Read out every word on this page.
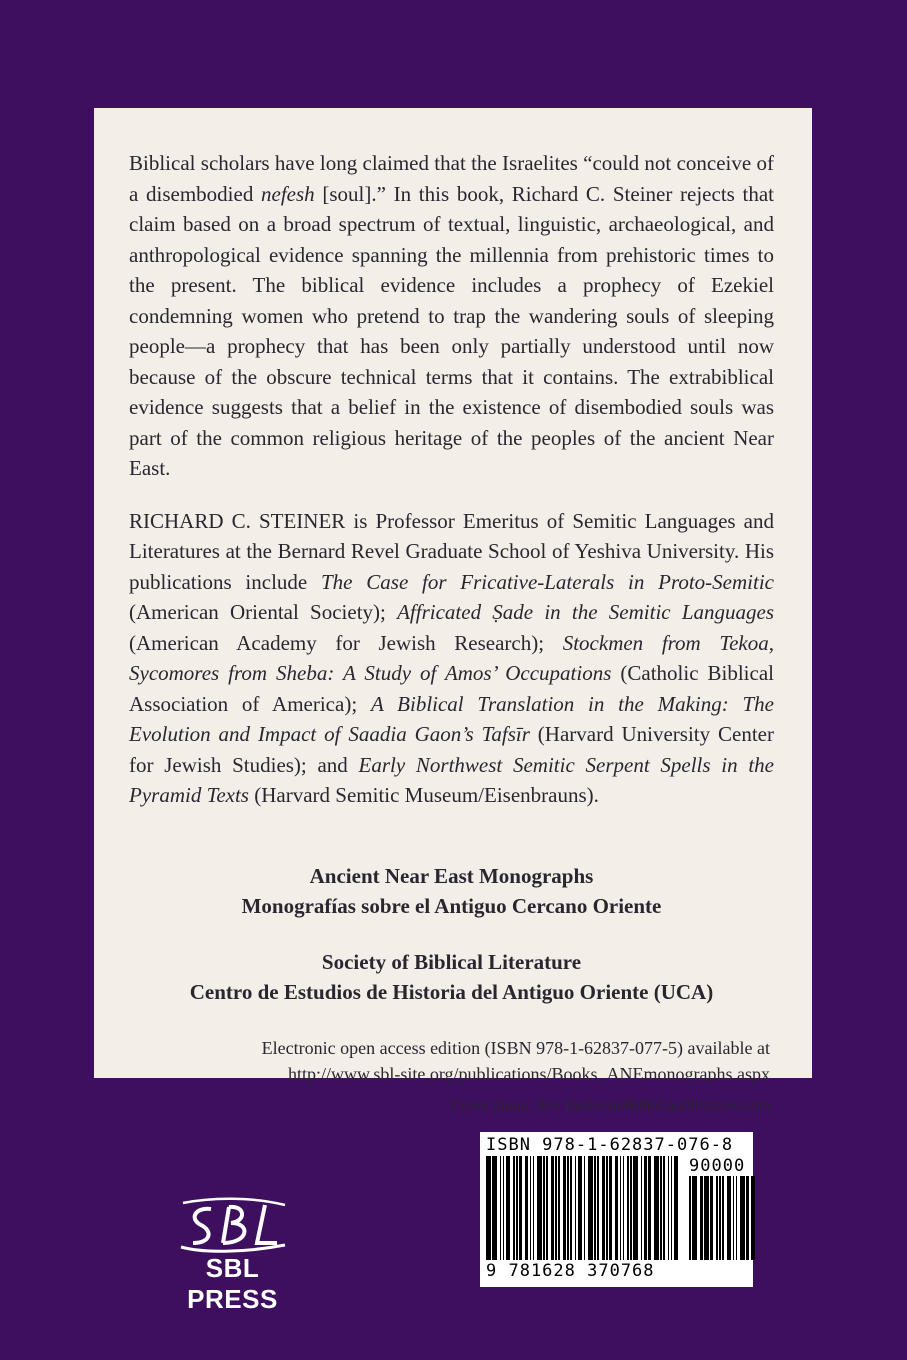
Biblical scholars have long claimed that the Israelites “could not conceive of a disembodied nefesh [soul].” In this book, Richard C. Steiner rejects that claim based on a broad spectrum of textual, linguistic, archaeological, and anthropological evidence spanning the millennia from prehistoric times to the present. The biblical evidence includes a prophecy of Ezekiel condemning women who pretend to trap the wandering souls of sleeping people—a prophecy that has been only partially understood until now because of the obscure technical terms that it contains. The extrabiblical evidence suggests that a belief in the existence of disembodied souls was part of the common religious heritage of the peoples of the ancient Near East.

RICHARD C. STEINER is Professor Emeritus of Semitic Languages and Literatures at the Bernard Revel Graduate School of Yeshiva University. His publications include The Case for Fricative-Laterals in Proto-Semitic (American Oriental Society); Affricated Ṣade in the Semitic Languages (American Academy for Jewish Research); Stockmen from Tekoa, Sycomores from Sheba: A Study of Amos’ Occupations (Catholic Biblical Association of America); A Biblical Translation in the Making: The Evolution and Impact of Saadia Gaon’s Tafsīr (Harvard University Center for Jewish Studies); and Early Northwest Semitic Serpent Spells in the Pyramid Texts (Harvard Semitic Museum/Eisenbrauns).

Ancient Near East Monographs
Monografías sobre el Antiguo Cercano Oriente
Society of Biblical Literature
Centro de Estudios de Historia del Antiguo Oriente (UCA)
Electronic open access edition (ISBN 978-1-62837-077-5) available at
http://www.sbl-site.org/publications/Books_ANEmonographs.aspx
Cover photo: Zev Radovan/BibleLandPictures.com
SBL PRESS
ISBN 978-1-62837-076-8
90000
9 781628 370768
